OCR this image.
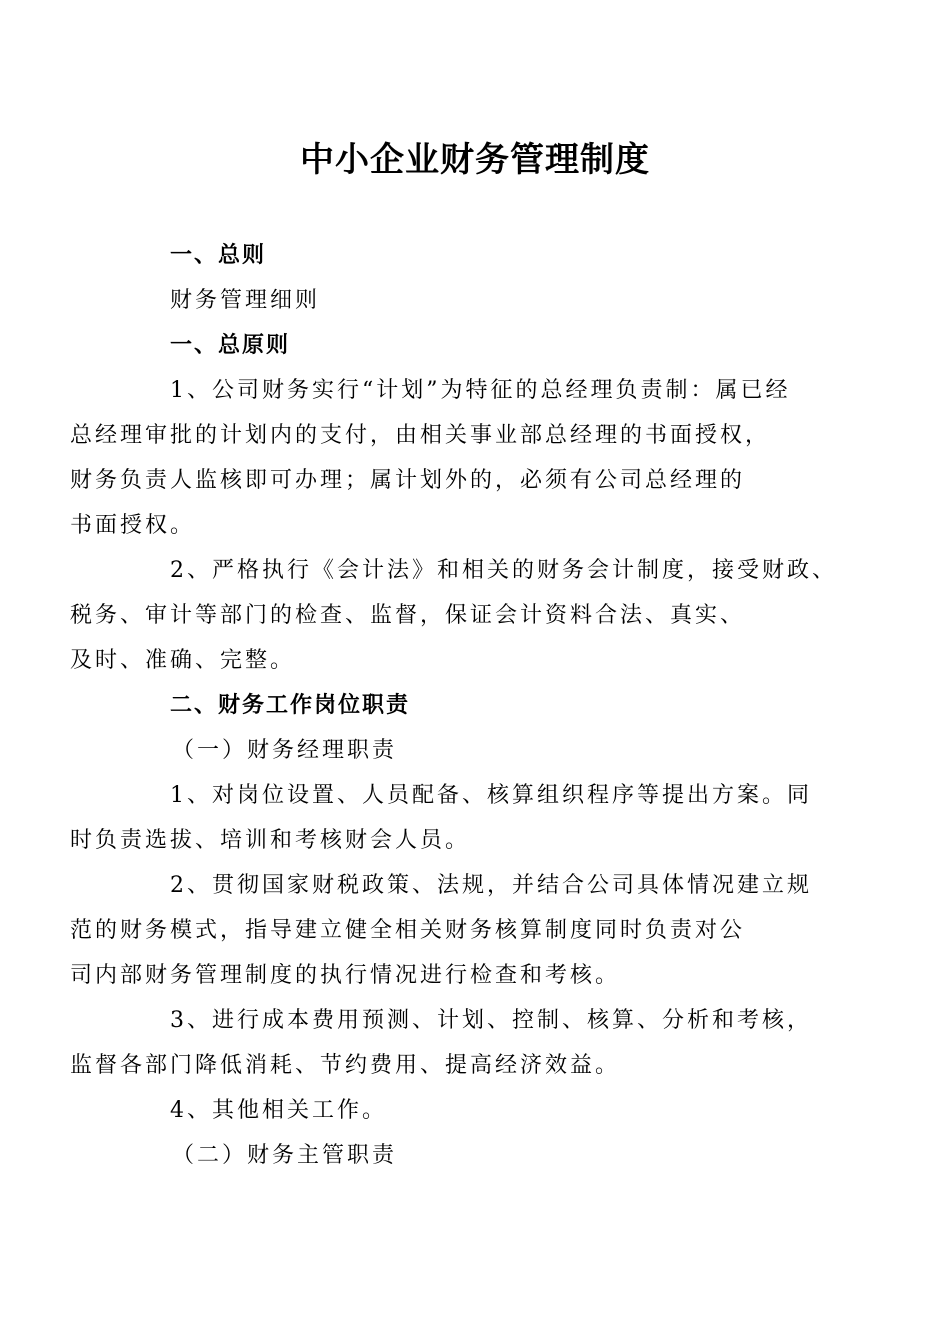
中小企业财务管理制度

一、总则

财务管理细则

一、总原则

1、公司财务实行“计划”为特征的总经理负责制：属已经
总经理审批的计划内的支付，由相关事业部总经理的书面授权，
财务负责人监核即可办理；属计划外的，必须有公司总经理的
书面授权。
2、严格执行《会计法》和相关的财务会计制度，接受财政、
税务、审计等部门的检查、监督，保证会计资料合法、真实、
及时、准确、完整。

二、财务工作岗位职责

（一）财务经理职责

1、对岗位设置、人员配备、核算组织程序等提出方案。同
时负责选拔、培训和考核财会人员。
2、贯彻国家财税政策、法规，并结合公司具体情况建立规
范的财务模式，指导建立健全相关财务核算制度同时负责对公
司内部财务管理制度的执行情况进行检查和考核。
3、进行成本费用预测、计划、控制、核算、分析和考核，
监督各部门降低消耗、节约费用、提高经济效益。

4、其他相关工作。

（二）财务主管职责
